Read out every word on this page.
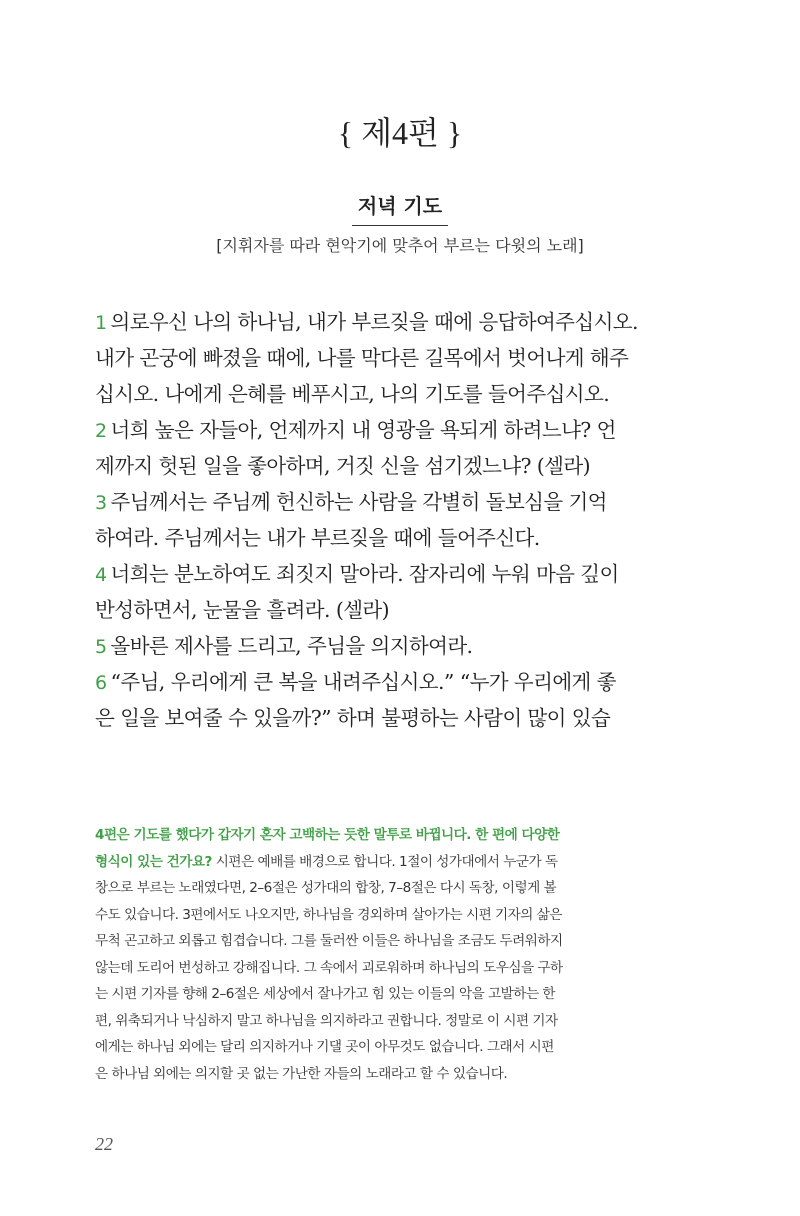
{ 제4편 }
저녁 기도
[지휘자를 따라 현악기에 맞추어 부르는 다윗의 노래]

1 의로우신 나의 하나님, 내가 부르짖을 때에 응답하여주십시오.

내가 곤궁에 빠졌을 때에, 나를 막다른 길목에서 벗어나게 해주

십시오. 나에게 은혜를 베푸시고, 나의 기도를 들어주십시오.

2 너희 높은 자들아, 언제까지 내 영광을 욕되게 하려느냐? 언

제까지 헛된 일을 좋아하며, 거짓 신을 섬기겠느냐? (셀라)

3 주님께서는 주님께 헌신하는 사람을 각별히 돌보심을 기억

하여라. 주님께서는 내가 부르짖을 때에 들어주신다.

4 너희는 분노하여도 죄짓지 말아라. 잠자리에 누워 마음 깊이

반성하면서, 눈물을 흘려라. (셀라)

5 올바른 제사를 드리고, 주님을 의지하여라.

6 “주님, 우리에게 큰 복을 내려주십시오.” “누가 우리에게 좋

은 일을 보여줄 수 있을까?” 하며 불평하는 사람이 많이 있습

4편은 기도를 했다가 갑자기 혼자 고백하는 듯한 말투로 바뀝니다. 한 편에 다양한
형식이 있는 건가요? 시편은 예배를 배경으로 합니다. 1절이 성가대에서 누군가 독
창으로 부르는 노래였다면, 2–6절은 성가대의 합창, 7–8절은 다시 독창, 이렇게 볼
수도 있습니다. 3편에서도 나오지만, 하나님을 경외하며 살아가는 시편 기자의 삶은
무척 곤고하고 외롭고 힘겹습니다. 그를 둘러싼 이들은 하나님을 조금도 두려워하지
않는데 도리어 번성하고 강해집니다. 그 속에서 괴로워하며 하나님의 도우심을 구하
는 시편 기자를 향해 2–6절은 세상에서 잘나가고 힘 있는 이들의 악을 고발하는 한
편, 위축되거나 낙심하지 말고 하나님을 의지하라고 권합니다. 정말로 이 시편 기자
에게는 하나님 외에는 달리 의지하거나 기댈 곳이 아무것도 없습니다. 그래서 시편
은 하나님 외에는 의지할 곳 없는 가난한 자들의 노래라고 할 수 있습니다.
22
